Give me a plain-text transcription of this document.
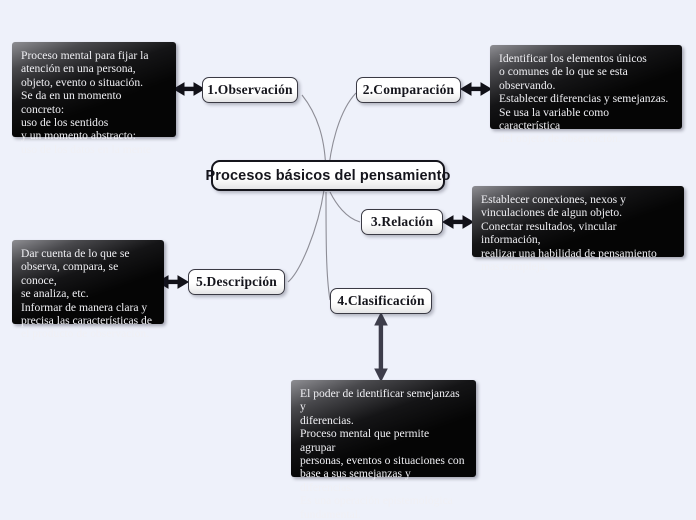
Procesos básicos del pensamiento
1.Observación	2.Comparación
3.Relación
4.Clasificación
5.Descripción
Proceso mental para fijar la
atención en una persona,
objeto, evento o situación.
Se da en un momento concreto:
uso de los sentidos
y un momento abstracto:
uso de los datos en la mente
Identificar los elementos únicos
o comunes de lo que se esta
observando.
Establecer diferencias y semejanzas.
Se usa la variable como característica
del objeto de observación.
Establecer conexiones, nexos y
vinculaciones de algun objeto.
Conectar resultados, vincular información,
realizar una habilidad de pensamiento
mas compleja.
Dar cuenta de lo que se
observa, compara, se conoce,
se analiza, etc.
Informar de manera clara y
precisa las características de
el producto de observación.
El poder de identificar semejanzas y
diferencias.
Proceso mental que permite agrupar
personas, eventos o situaciones con
base a sus semejanzas y diferencias.
Es una operación epistemológica
fundamental.
